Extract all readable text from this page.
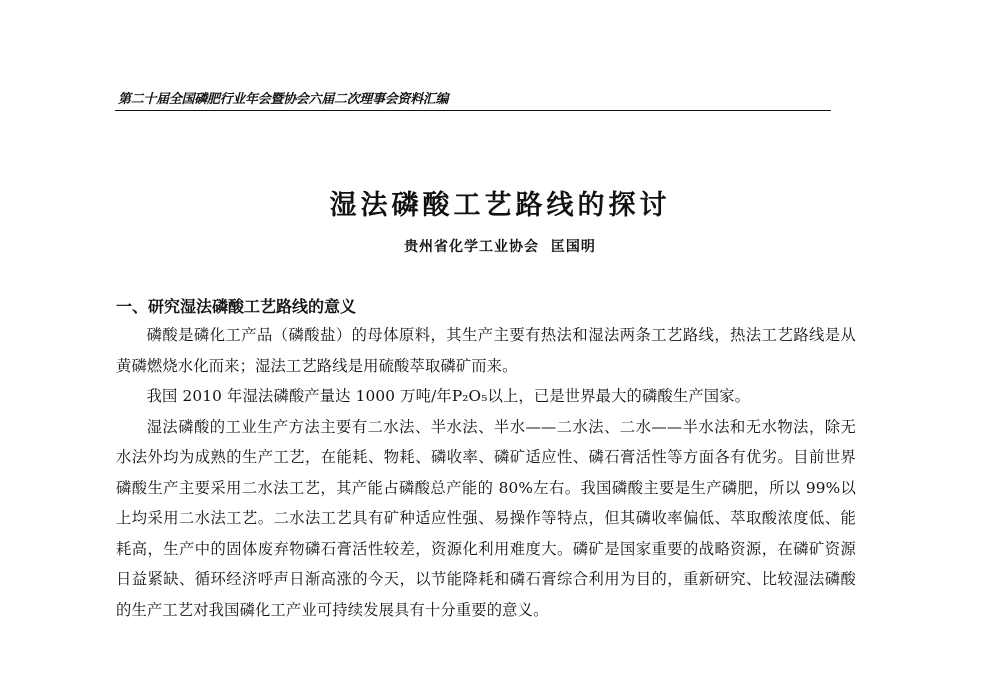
第二十届全国磷肥行业年会暨协会六届二次理事会资料汇编
湿法磷酸工艺路线的探讨
贵州省化学工业协会 匡国明
一、研究湿法磷酸工艺路线的意义

磷酸是磷化工产品（磷酸盐）的母体原料，其生产主要有热法和湿法两条工艺路线，热法工艺路线是从黄磷燃烧水化而来；湿法工艺路线是用硫酸萃取磷矿而来。

我国 2010 年湿法磷酸产量达 1000 万吨/年P₂O₅以上，已是世界最大的磷酸生产国家。

湿法磷酸的工业生产方法主要有二水法、半水法、半水——二水法、二水——半水法和无水物法，除无水法外均为成熟的生产工艺，在能耗、物耗、磷收率、磷矿适应性、磷石膏活性等方面各有优劣。目前世界磷酸生产主要采用二水法工艺，其产能占磷酸总产能的 80%左右。我国磷酸主要是生产磷肥，所以 99%以上均采用二水法工艺。二水法工艺具有矿种适应性强、易操作等特点，但其磷收率偏低、萃取酸浓度低、能耗高，生产中的固体废弃物磷石膏活性较差，资源化利用难度大。磷矿是国家重要的战略资源，在磷矿资源日益紧缺、循环经济呼声日渐高涨的今天，以节能降耗和磷石膏综合利用为目的，重新研究、比较湿法磷酸的生产工艺对我国磷化工产业可持续发展具有十分重要的意义。
